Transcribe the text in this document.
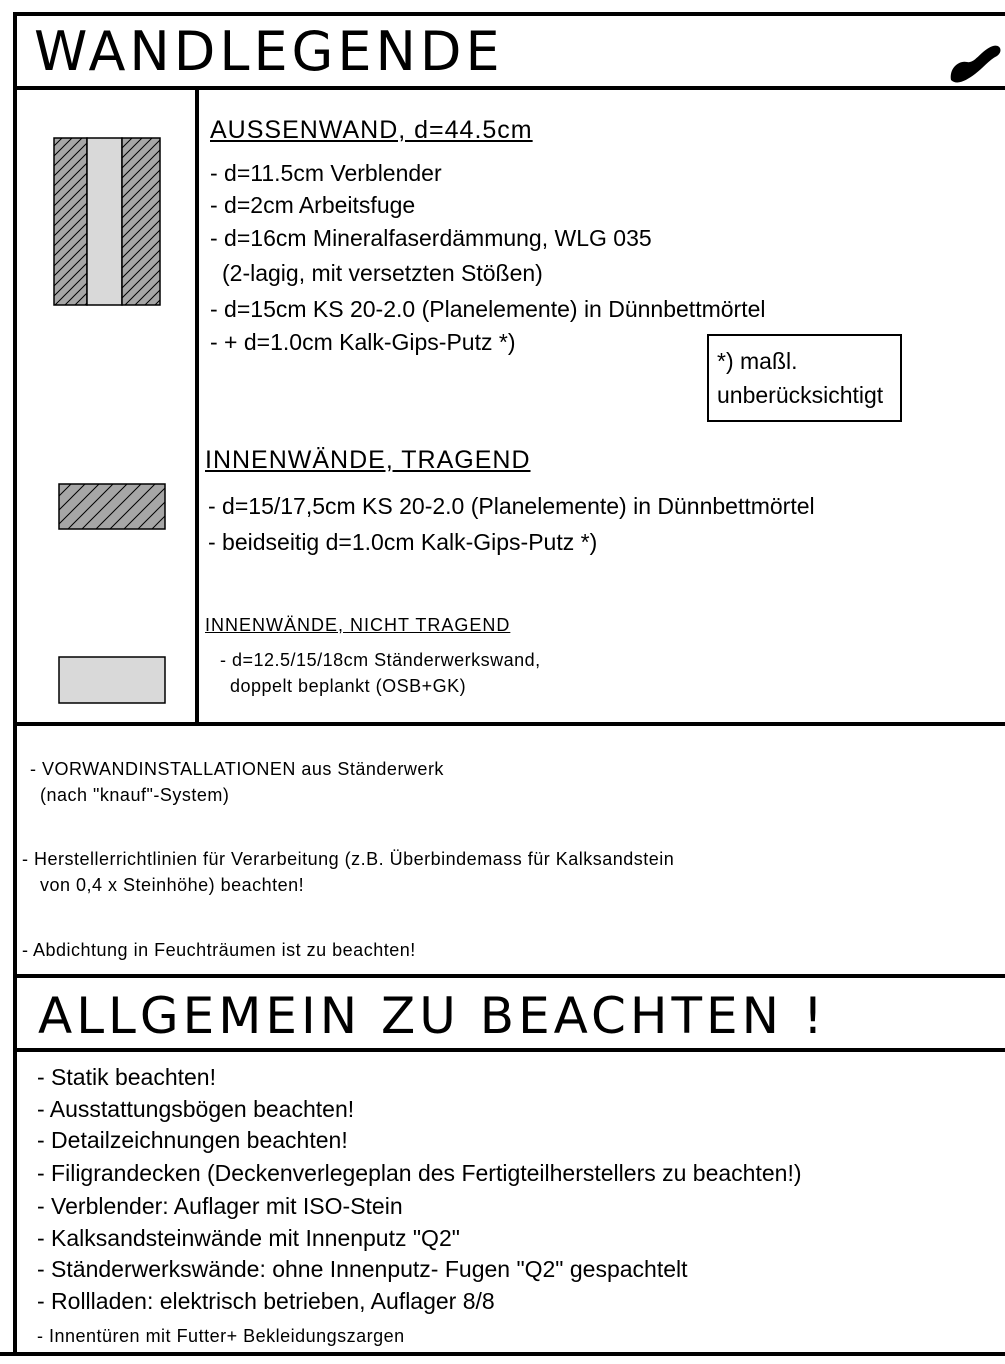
WANDLEGENDE
AUSSENWAND, d=44.5cm
- d=11.5cm Verblender
- d=2cm Arbeitsfuge
- d=16cm Mineralfaserdämmung, WLG 035
(2-lagig, mit versetzten Stößen)
- d=15cm KS 20-2.0 (Planelemente) in Dünnbettmörtel
- + d=1.0cm Kalk-Gips-Putz *)
*) maßl.
unberücksichtigt
INNENWÄNDE, TRAGEND
- d=15/17,5cm KS 20-2.0 (Planelemente) in Dünnbettmörtel
- beidseitig d=1.0cm Kalk-Gips-Putz *)
INNENWÄNDE, NICHT TRAGEND
- d=12.5/15/18cm Ständerwerkswand,
doppelt beplankt (OSB+GK)
- VORWANDINSTALLATIONEN aus Ständerwerk
(nach "knauf"-System)
- Herstellerrichtlinien für Verarbeitung (z.B. Überbindemass für Kalksandstein
von 0,4 x Steinhöhe) beachten!
- Abdichtung in Feuchträumen ist zu beachten!
ALLGEMEIN ZU BEACHTEN !
- Statik beachten!
- Ausstattungsbögen beachten!
- Detailzeichnungen beachten!
- Filigrandecken (Deckenverlegeplan des Fertigteilherstellers zu beachten!)
- Verblender: Auflager mit ISO-Stein
- Kalksandsteinwände mit Innenputz "Q2"
- Ständerwerkswände: ohne Innenputz- Fugen "Q2" gespachtelt
- Rollladen: elektrisch betrieben, Auflager 8/8
- Innentüren mit Futter+ Bekleidungszargen
